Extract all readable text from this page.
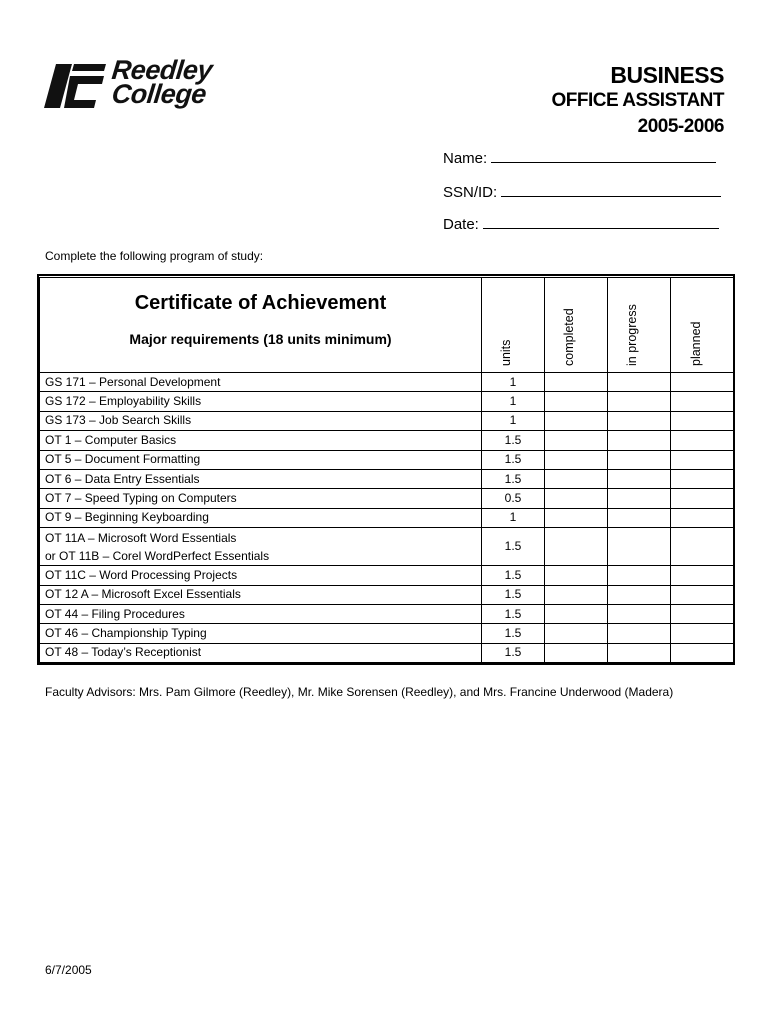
Reedley
College
BUSINESS
OFFICE ASSISTANT
2005-2006
Name:
SSN/ID:
Date:
Complete the following program of study:
Certificate of Achievement
Major requirements (18 units minimum)	units	completed	in progress	planned

GS 171 – Personal Development	1			
GS 172 – Employability Skills	1			
GS 173 – Job Search Skills	1			
OT 1 – Computer Basics	1.5			
OT 5 – Document Formatting	1.5			
OT 6 – Data Entry Essentials	1.5			
OT 7 – Speed Typing on Computers	0.5			
OT 9 – Beginning Keyboarding	1			

OT 11A – Microsoft Word Essentials
or OT 11B – Corel WordPerfect Essentials	1.5			
OT 11C – Word Processing Projects	1.5			
OT 12 A – Microsoft Excel Essentials	1.5			
OT 44 – Filing Procedures	1.5			
OT 46 – Championship Typing	1.5			
OT 48 – Today’s Receptionist	1.5			
Faculty Advisors: Mrs. Pam Gilmore (Reedley), Mr. Mike Sorensen (Reedley), and Mrs. Francine Underwood (Madera)
6/7/2005
